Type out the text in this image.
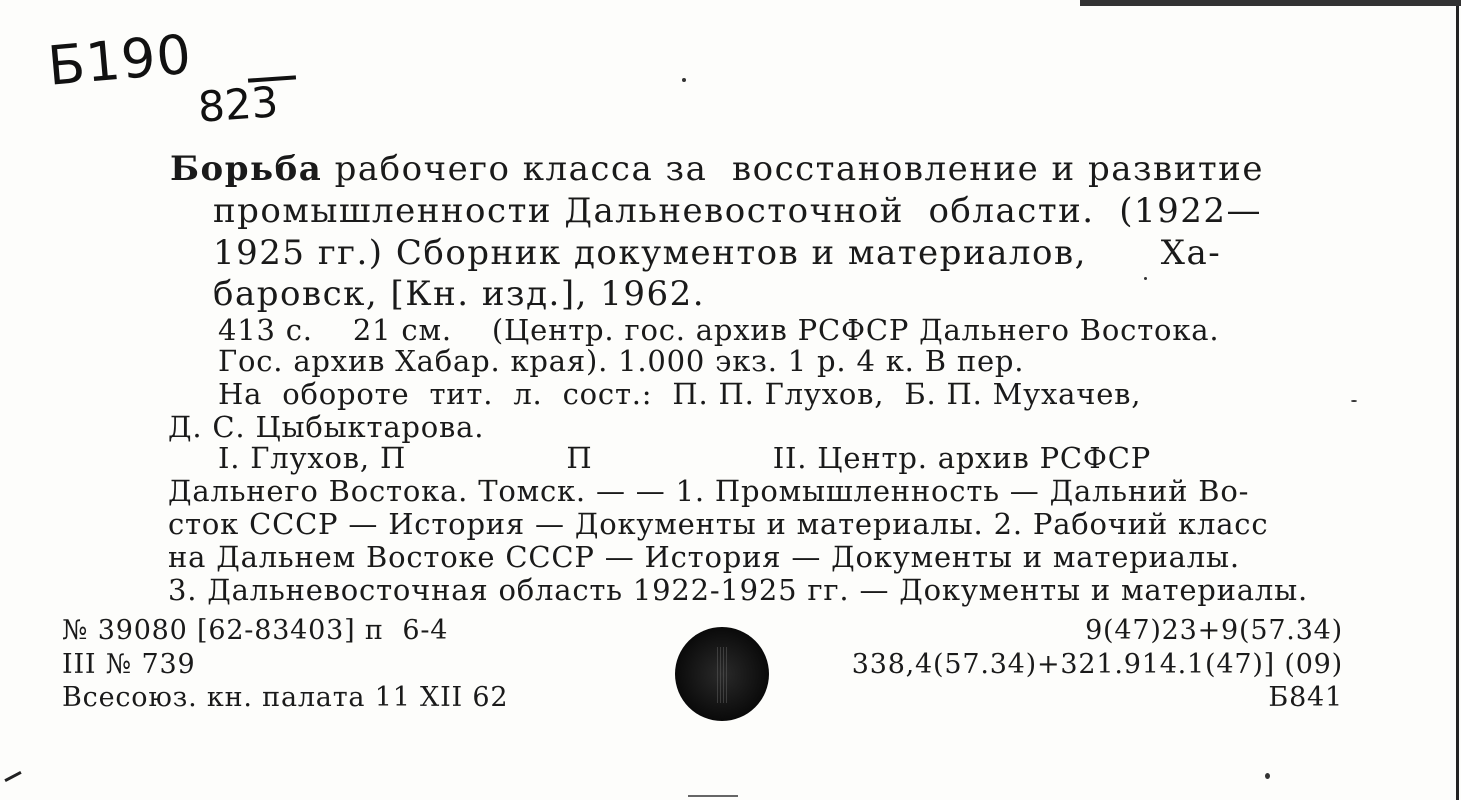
Б190
823
Борьба рабочего класса за  восстановление и развитие
промышленности Дальневосточной  области.  (1922—
1925 гг.) Сборник документов и материалов,      Ха-
баровск, [Кн. изд.], 1962.
413 с.    21 см.    (Центр. гос. архив РСФСР Дальнего Востока.
Гос. архив Хабар. края). 1.000 экз. 1 р. 4 к. В пер.
На  обороте  тит.  л.  сост.:  П. П. Глухов,  Б. П. Мухачев,
Д. С. Цыбыктарова.
I. Глухов, П                П                  II. Центр. архив РСФСР
Дальнего Востока. Томск. — — 1. Промышленность — Дальний Во-
сток СССР — История — Документы и материалы. 2. Рабочий класс
на Дальнем Востоке СССР — История — Документы и материалы.
3. Дальневосточная область 1922-1925 гг. — Документы и материалы.
№ 39080 [62-83403] п  6-4
III № 739
Всесоюз. кн. палата 11 XII 62
9(47)23+9(57.34)
338,4(57.34)+321.914.1(47)] (09)
Б841
